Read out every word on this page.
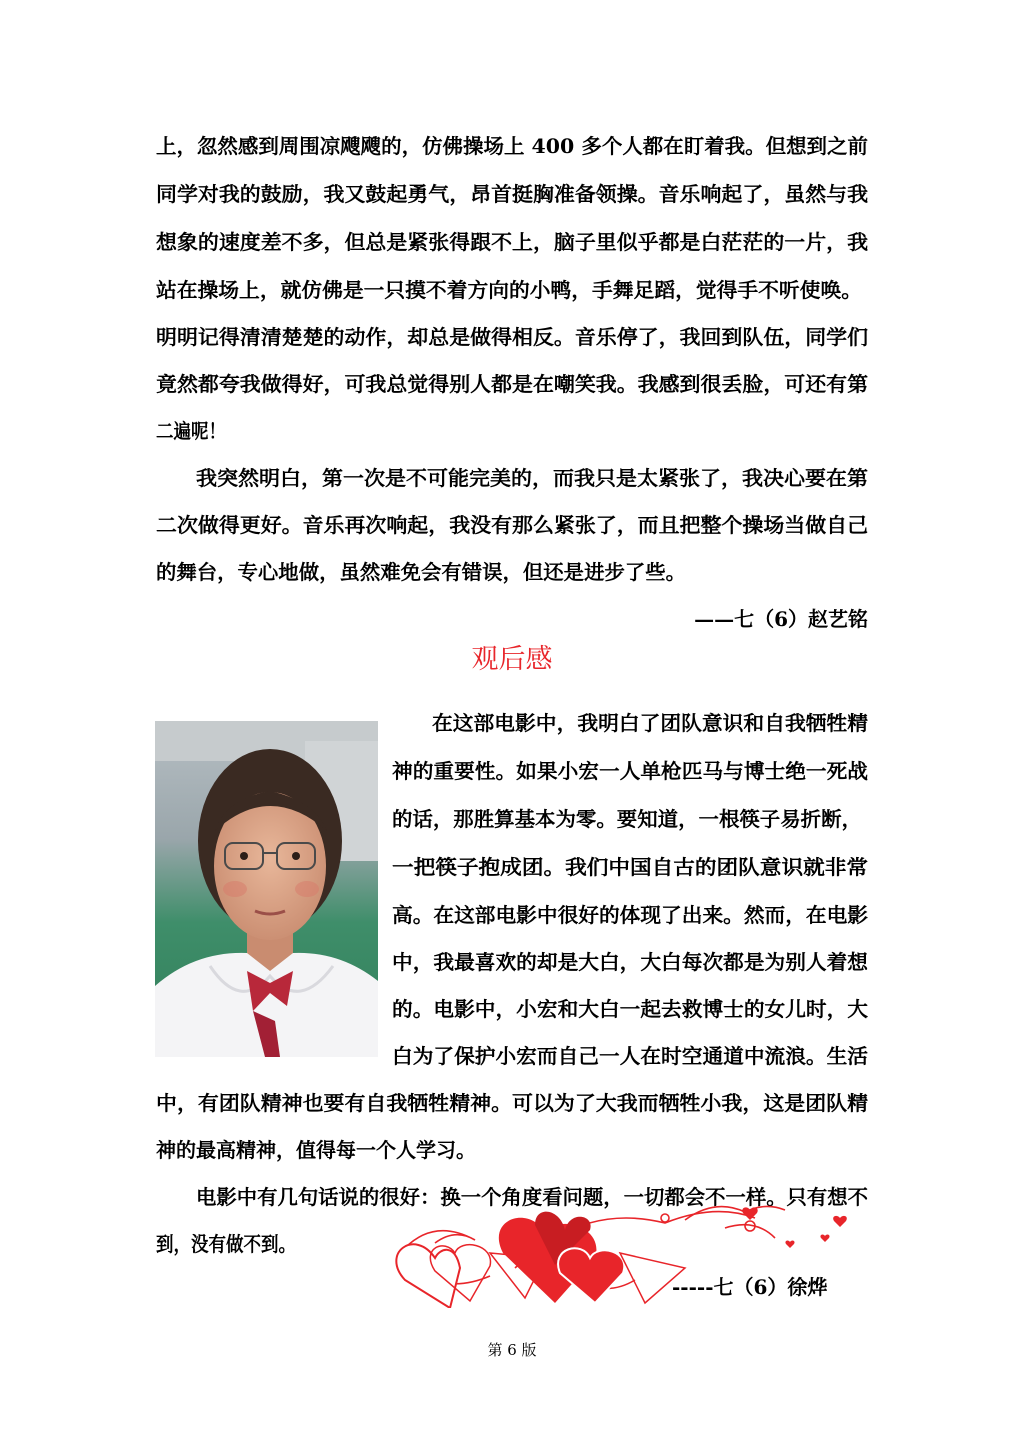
上，忽然感到周围凉飕飕的，仿佛操场上 400 多个人都在盯着我。但想到之前
同学对我的鼓励，我又鼓起勇气，昂首挺胸准备领操。音乐响起了，虽然与我
想象的速度差不多，但总是紧张得跟不上，脑子里似乎都是白茫茫的一片，我
站在操场上，就仿佛是一只摸不着方向的小鸭，手舞足蹈，觉得手不听使唤。
明明记得清清楚楚的动作，却总是做得相反。音乐停了，我回到队伍，同学们
竟然都夸我做得好，可我总觉得别人都是在嘲笑我。我感到很丢脸，可还有第
二遍呢！
我突然明白，第一次是不可能完美的，而我只是太紧张了，我决心要在第
二次做得更好。音乐再次响起，我没有那么紧张了，而且把整个操场当做自己
的舞台，专心地做，虽然难免会有错误，但还是进步了些。
——七（6）赵艺铭
观后感
在这部电影中，我明白了团队意识和自我牺牲精
神的重要性。如果小宏一人单枪匹马与博士绝一死战
的话，那胜算基本为零。要知道，一根筷子易折断，
一把筷子抱成团。我们中国自古的团队意识就非常
高。在这部电影中很好的体现了出来。然而，在电影
中，我最喜欢的却是大白，大白每次都是为别人着想
的。电影中，小宏和大白一起去救博士的女儿时，大
白为了保护小宏而自己一人在时空通道中流浪。生活
中，有团队精神也要有自我牺牲精神。可以为了大我而牺牲小我，这是团队精
神的最高精神，值得每一个人学习。
电影中有几句话说的很好：换一个角度看问题，一切都会不一样。只有想不
到，没有做不到。
-----七（6）徐烨
第 6 版
